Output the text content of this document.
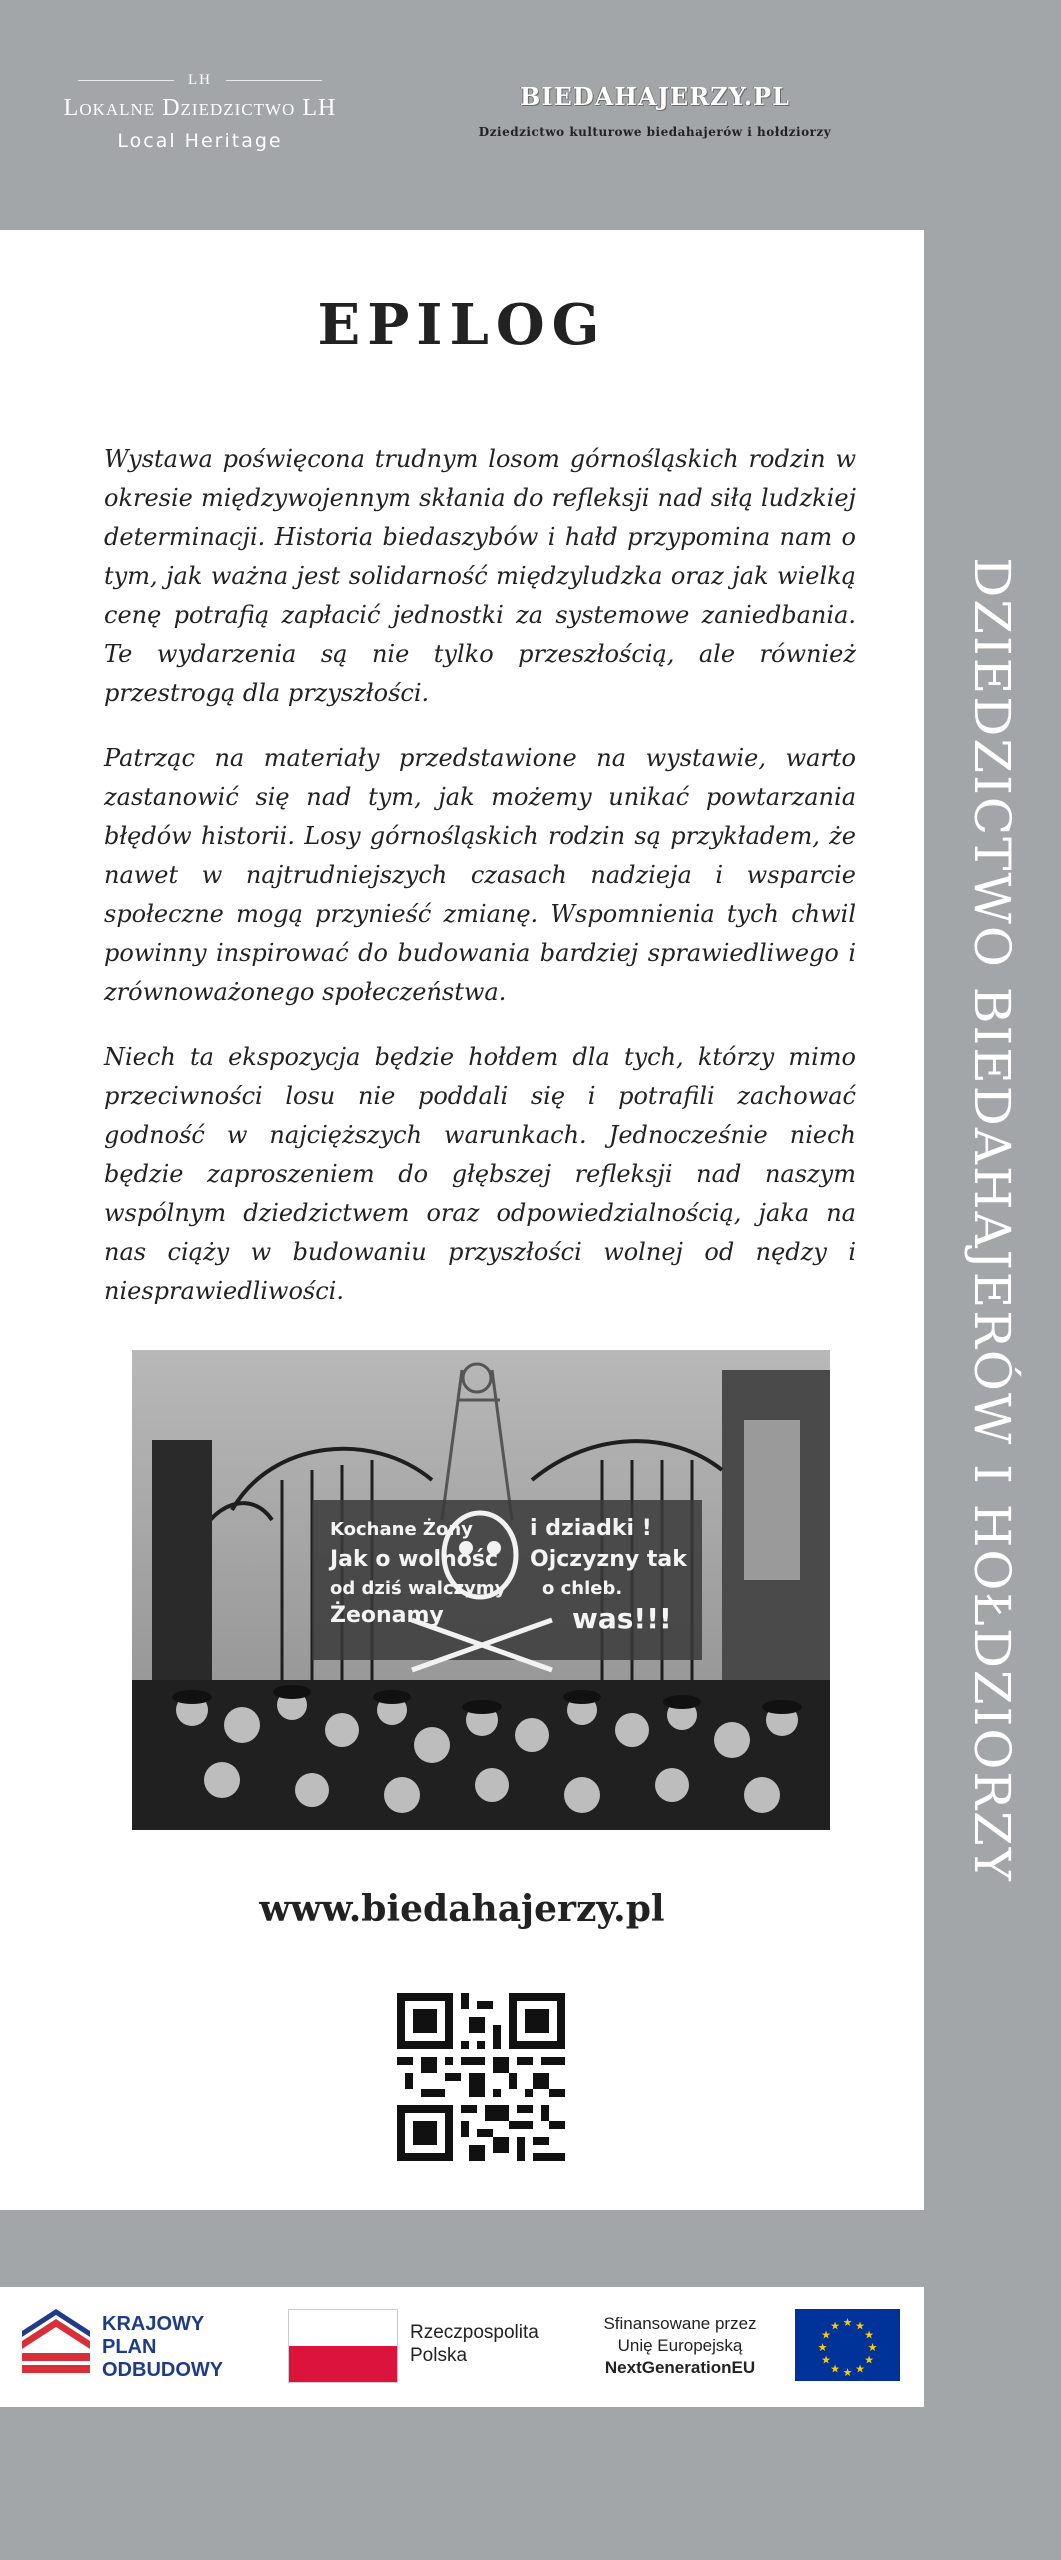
LH
Lokalne Dziedzictwo LH
Local Heritage
BIEDAHAJERZY.PL
Dziedzictwo kulturowe biedahajerów i hołdziorzy
DZIEDZICTWO BIEDAHAJERÓW I HOŁDZIORZY
EPILOG

Wystawa poświęcona trudnym losom górnośląskich rodzin w okresie międzywojennym skłania do refleksji nad siłą ludzkiej determinacji. Historia biedaszybów i hałd przypomina nam o tym, jak ważna jest solidarność międzyludzka oraz jak wielką cenę potrafią zapłacić jednostki za systemowe zaniedbania. Te wydarzenia są nie tylko przeszłością, ale również przestrogą dla przyszłości.

Patrząc na materiały przedstawione na wystawie, warto zastanowić się nad tym, jak możemy unikać powtarzania błędów historii. Losy górnośląskich rodzin są przykładem, że nawet w najtrudniejszych czasach nadzieja i wsparcie społeczne mogą przynieść zmianę. Wspomnienia tych chwil powinny inspirować do budowania bardziej sprawiedliwego i zrównoważonego społeczeństwa.

Niech ta ekspozycja będzie hołdem dla tych, którzy mimo przeciwności losu nie poddali się i potrafili zachować godność w najcięższych warunkach. Jednocześnie niech będzie zaproszeniem do głębszej refleksji nad naszym wspólnym dziedzictwem oraz odpowiedzialnością, jaka na nas ciąży w budowaniu przyszłości wolnej od nędzy i niesprawiedliwości.

Kochane Żony
Jak o wolność
od dziś walczymy
Żeonamy
i dziadki !
Ojczyzny tak
o chleb.
was!!!
www.biedahajerzy.pl
KRAJOWY
PLAN
ODBUDOWY
Rzeczpospolita
Polska
Sfinansowane przez
Unię Europejską
NextGenerationEU
★ ★
★
★
★
★
★
★
★
★
★
★
